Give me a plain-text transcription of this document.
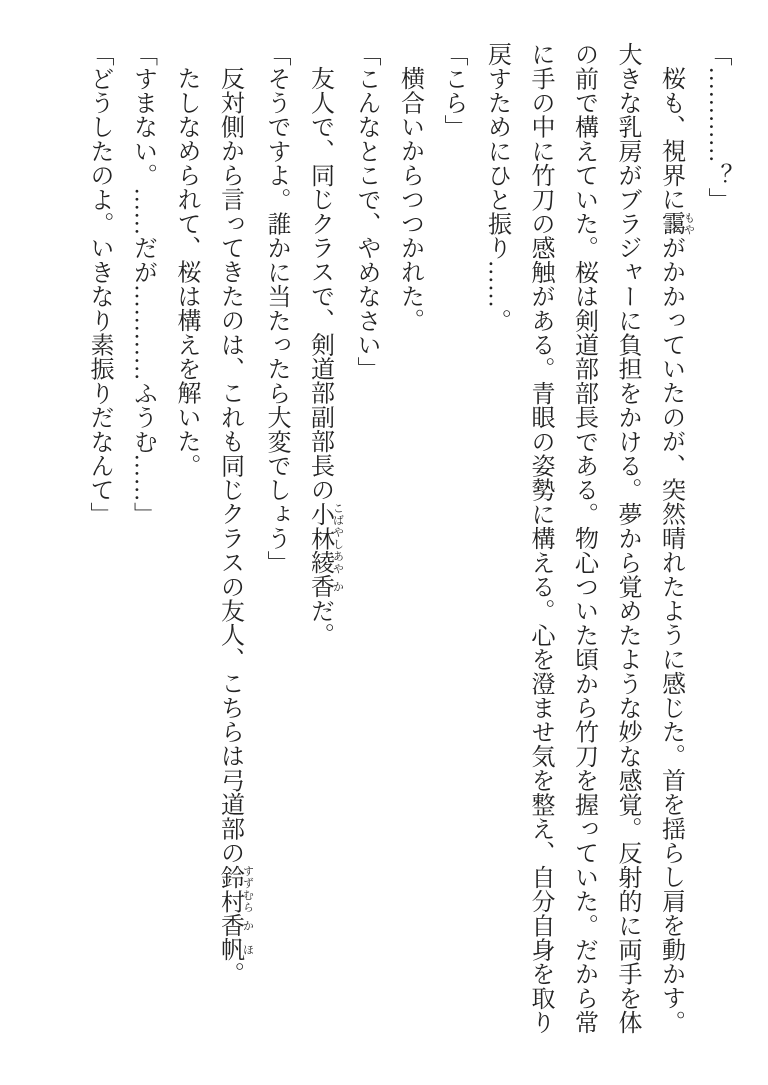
「…………？」

桜も、視界に靄 もやがかかっていたのが、突然晴れたように感じた。首を揺らし肩を動かす。大きな乳房がブラジャーに負担をかける。夢から覚めたような妙な感覚。反射的に両手を体の前で構えていた。桜は剣道部部長である。物心ついた頃から竹刀を握っていた。だから常に手の中に竹刀の感触がある。青眼の姿勢に構える。心を澄ませ気を整え、自分自身を取り戻すためにひと振り……。

「こら」

横合いからつつかれた。

「こんなとこで、やめなさい」

友人で、同じクラスで、剣道部副部長の小林 こばやし綾 あや香 かだ。

「そうですよ。誰かに当たったら大変でしょう」

反対側から言ってきたのは、これも同じクラスの友人、こちらは弓道部の鈴村 すずむら香 か帆 ほ。

たしなめられて、桜は構えを解いた。

「すまない。……だが…………ふうむ……」

「どうしたのよ。いきなり素振りだなんて」
